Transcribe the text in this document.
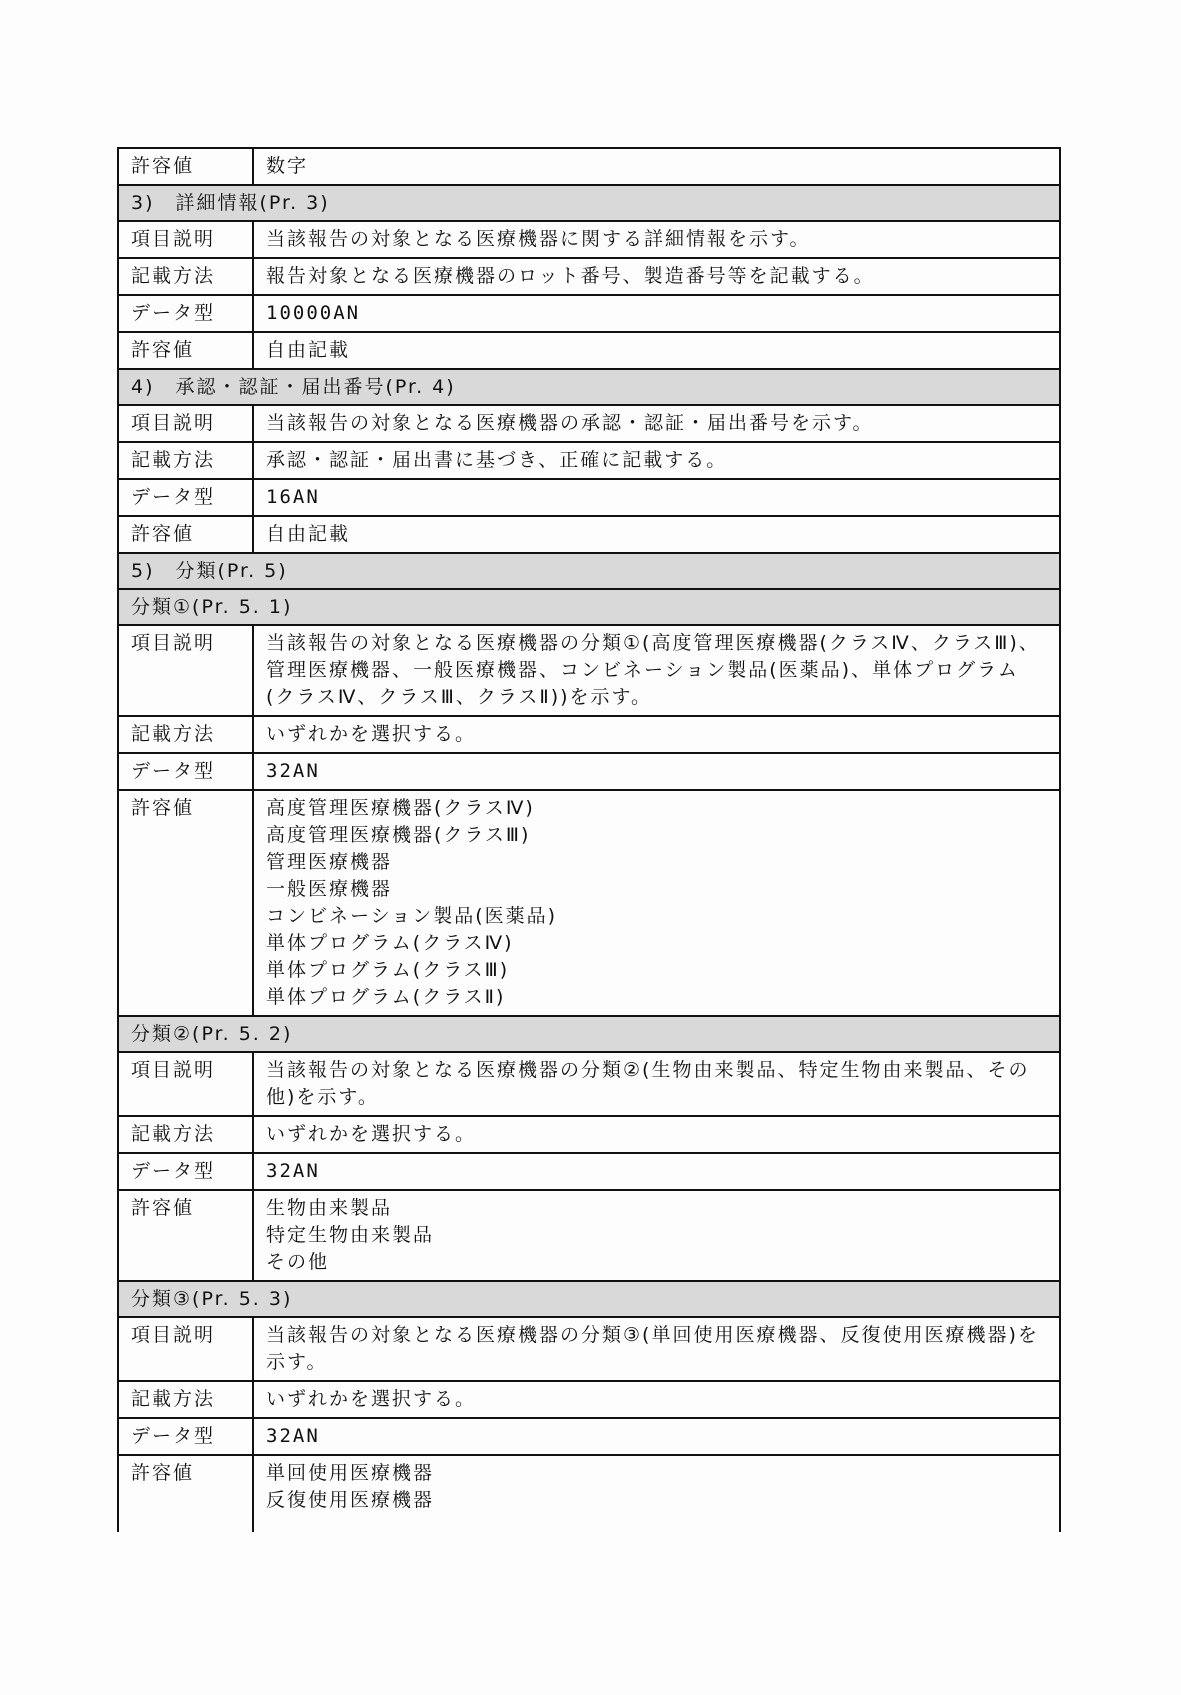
許容値	数字
3)　詳細情報(Pr. 3)	
項目説明	当該報告の対象となる医療機器に関する詳細情報を示す。
記載方法	報告対象となる医療機器のロット番号、製造番号等を記載する。
データ型	10000AN
許容値	自由記載
4)　承認・認証・届出番号(Pr. 4)	
項目説明	当該報告の対象となる医療機器の承認・認証・届出番号を示す。
記載方法	承認・認証・届出書に基づき、正確に記載する。
データ型	16AN
許容値	自由記載
5)　分類(Pr. 5)	
分類①(Pr. 5. 1)	
項目説明	当該報告の対象となる医療機器の分類①(高度管理医療機器(クラスⅣ、クラスⅢ)、管理医療機器、一般医療機器、コンビネーション製品(医薬品)、単体プログラム(クラスⅣ、クラスⅢ、クラスⅡ))を示す。
記載方法	いずれかを選択する。
データ型	32AN
許容値	高度管理医療機器(クラスⅣ)
高度管理医療機器(クラスⅢ)
管理医療機器
一般医療機器
コンビネーション製品(医薬品)
単体プログラム(クラスⅣ)
単体プログラム(クラスⅢ)
単体プログラム(クラスⅡ)

分類②(Pr. 5. 2)	
項目説明	当該報告の対象となる医療機器の分類②(生物由来製品、特定生物由来製品、その他)を示す。
記載方法	いずれかを選択する。
データ型	32AN
許容値	生物由来製品
特定生物由来製品
その他

分類③(Pr. 5. 3)	
項目説明	当該報告の対象となる医療機器の分類③(単回使用医療機器、反復使用医療機器)を示す。
記載方法	いずれかを選択する。
データ型	32AN
許容値	単回使用医療機器
反復使用医療機器
